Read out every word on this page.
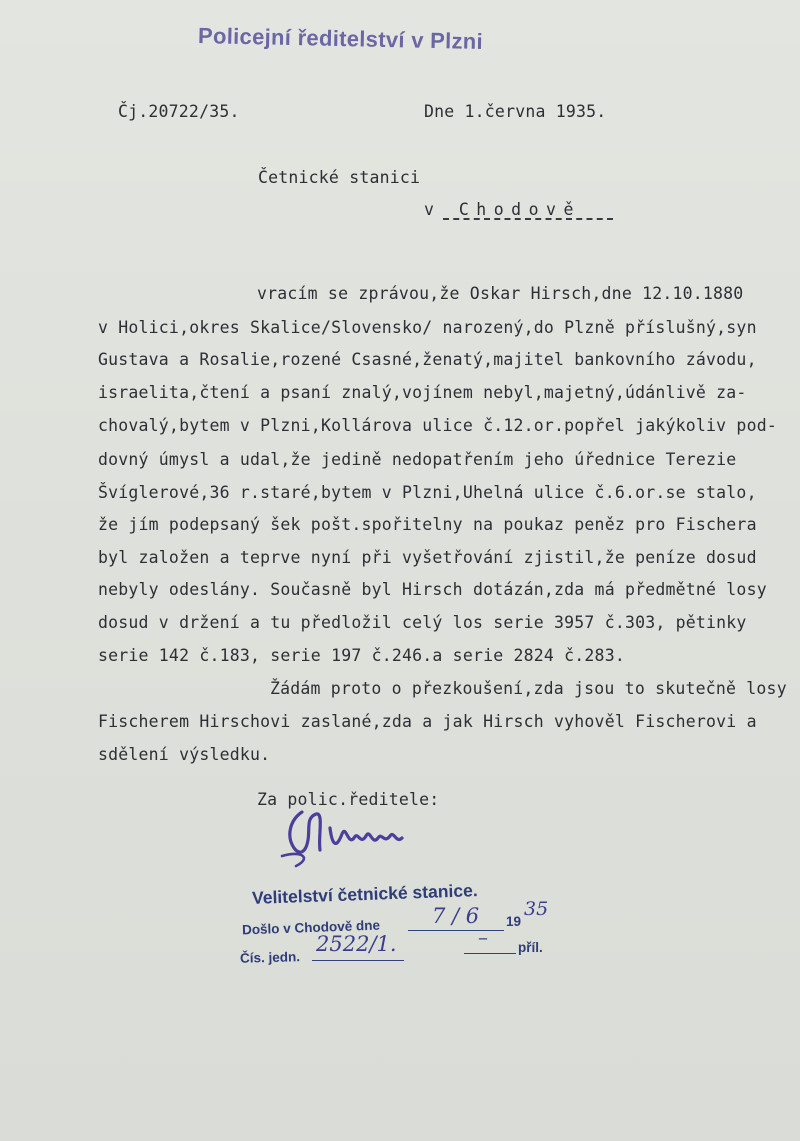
Policejní ředitelství v Plzni
Čj.20722/35.	Dne 1.června 1935.
Četnické stanici
v Chodově
vracím se zprávou,že Oskar Hirsch,dne 12.10.1880
v Holici,okres Skalice/Slovensko/ narozený,do Plzně příslušný,syn
Gustava a Rosalie,rozené Csasné,ženatý,majitel bankovního závodu,
israelita,čtení a psaní znalý,vojínem nebyl,majetný,údánlivě za-
chovalý,bytem v Plzni,Kollárova ulice č.12.or.popřel jakýkoliv pod-
dovný úmysl a udal,že jedině nedopatřením jeho úřednice Terezie
Švíglerové,36 r.staré,bytem v Plzni,Uhelná ulice č.6.or.se stalo,
že jím podepsaný šek pošt.spořitelny na poukaz peněz pro Fischera
byl založen a teprve nyní při vyšetřování zjistil,že peníze dosud
nebyly odeslány. Současně byl Hirsch dotázán,zda má předmětné losy
dosud v držení a tu předložil celý los serie 3957 č.303, pětinky
serie 142 č.183, serie 197 č.246.a serie 2824 č.283.
Žádám proto o přezkoušení,zda jsou to skutečně losy
Fischerem Hirschovi zaslané,zda a jak Hirsch vyhověl Fischerovi a
sdělení výsledku.
Za polic.ředitele:
Velitelství četnické stanice.
Došlo v Chodově dne 7 / 6 19
35
Čís. jedn.
2522/1.	– příl.
